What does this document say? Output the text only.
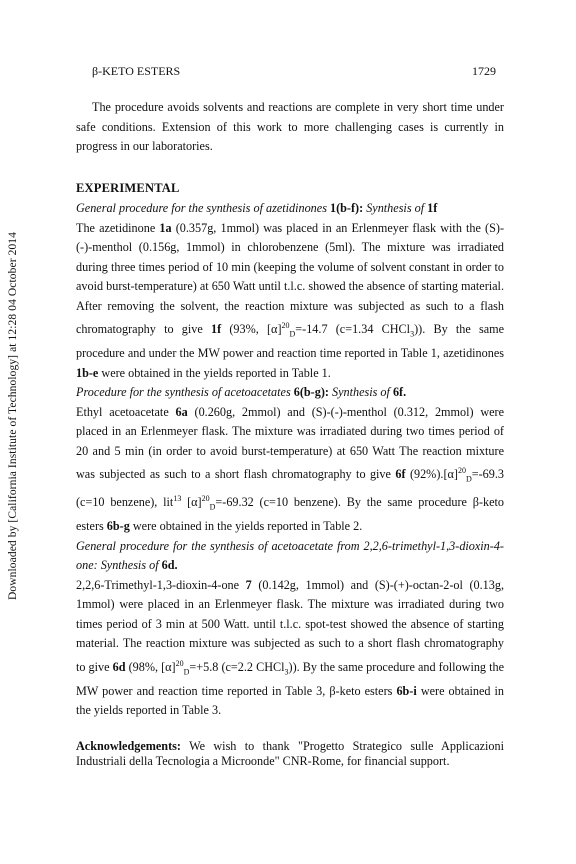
Downloaded by [California Institute of Technology] at 12:28 04 October 2014
β-KETO ESTERS	1729

The procedure avoids solvents and reactions are complete in very short time under safe conditions. Extension of this work to more challenging cases is currently in progress in our laboratories.

EXPERIMENTAL

General procedure for the synthesis of azetidinones 1(b-f): Synthesis of 1f

The azetidinone 1a (0.357g, 1mmol) was placed in an Erlenmeyer flask with the (S)-(-)-menthol (0.156g, 1mmol) in chlorobenzene (5ml). The mixture was irradiated during three times period of 10 min (keeping the volume of solvent constant in order to avoid burst-temperature) at 650 Watt until t.l.c. showed the absence of starting material. After removing the solvent, the reaction mixture was subjected as such to a flash chromatography to give 1f (93%, $[\alpha]^{20}_D=-14.7$ (c=1.34 CHCl$_3$)). By the same procedure and under the MW power and reaction time reported in Table 1, azetidinones 1b-e were obtained in the yields reported in Table 1.

Procedure for the synthesis of acetoacetates 6(b-g): Synthesis of 6f.

Ethyl acetoacetate 6a (0.260g, 2mmol) and (S)-(-)-menthol (0.312, 2mmol) were placed in an Erlenmeyer flask. The mixture was irradiated during two times period of 20 and 5 min (in order to avoid burst-temperature) at 650 Watt The reaction mixture was subjected as such to a short flash chromatography to give 6f $(92\%).[\alpha]^{20}_D=-69.3$ (c=10 benzene), lit$^{13}$ $[\alpha]^{20}_D=-69.32$ (c=10 benzene). By the same procedure β-keto esters 6b-g were obtained in the yields reported in Table 2.

General procedure for the synthesis of acetoacetate from 2,2,6-trimethyl-1,3-dioxin-4-one: Synthesis of 6d.

2,2,6-Trimethyl-1,3-dioxin-4-one 7 (0.142g, 1mmol) and (S)-(+)-octan-2-ol (0.13g, 1mmol) were placed in an Erlenmeyer flask. The mixture was irradiated during two times period of 3 min at 500 Watt. until t.l.c. spot-test showed the absence of starting material. The reaction mixture was subjected as such to a short flash chromatography to give 6d (98%, $[\alpha]^{20}_D=+5.8$ (c=2.2 CHCl$_3$)). By the same procedure and following the MW power and reaction time reported in Table 3, β-keto esters 6b-i were obtained in the yields reported in Table 3.

Acknowledgements: We wish to thank "Progetto Strategico sulle Applicazioni Industriali della Tecnologia a Microonde" CNR-Rome, for financial support.
